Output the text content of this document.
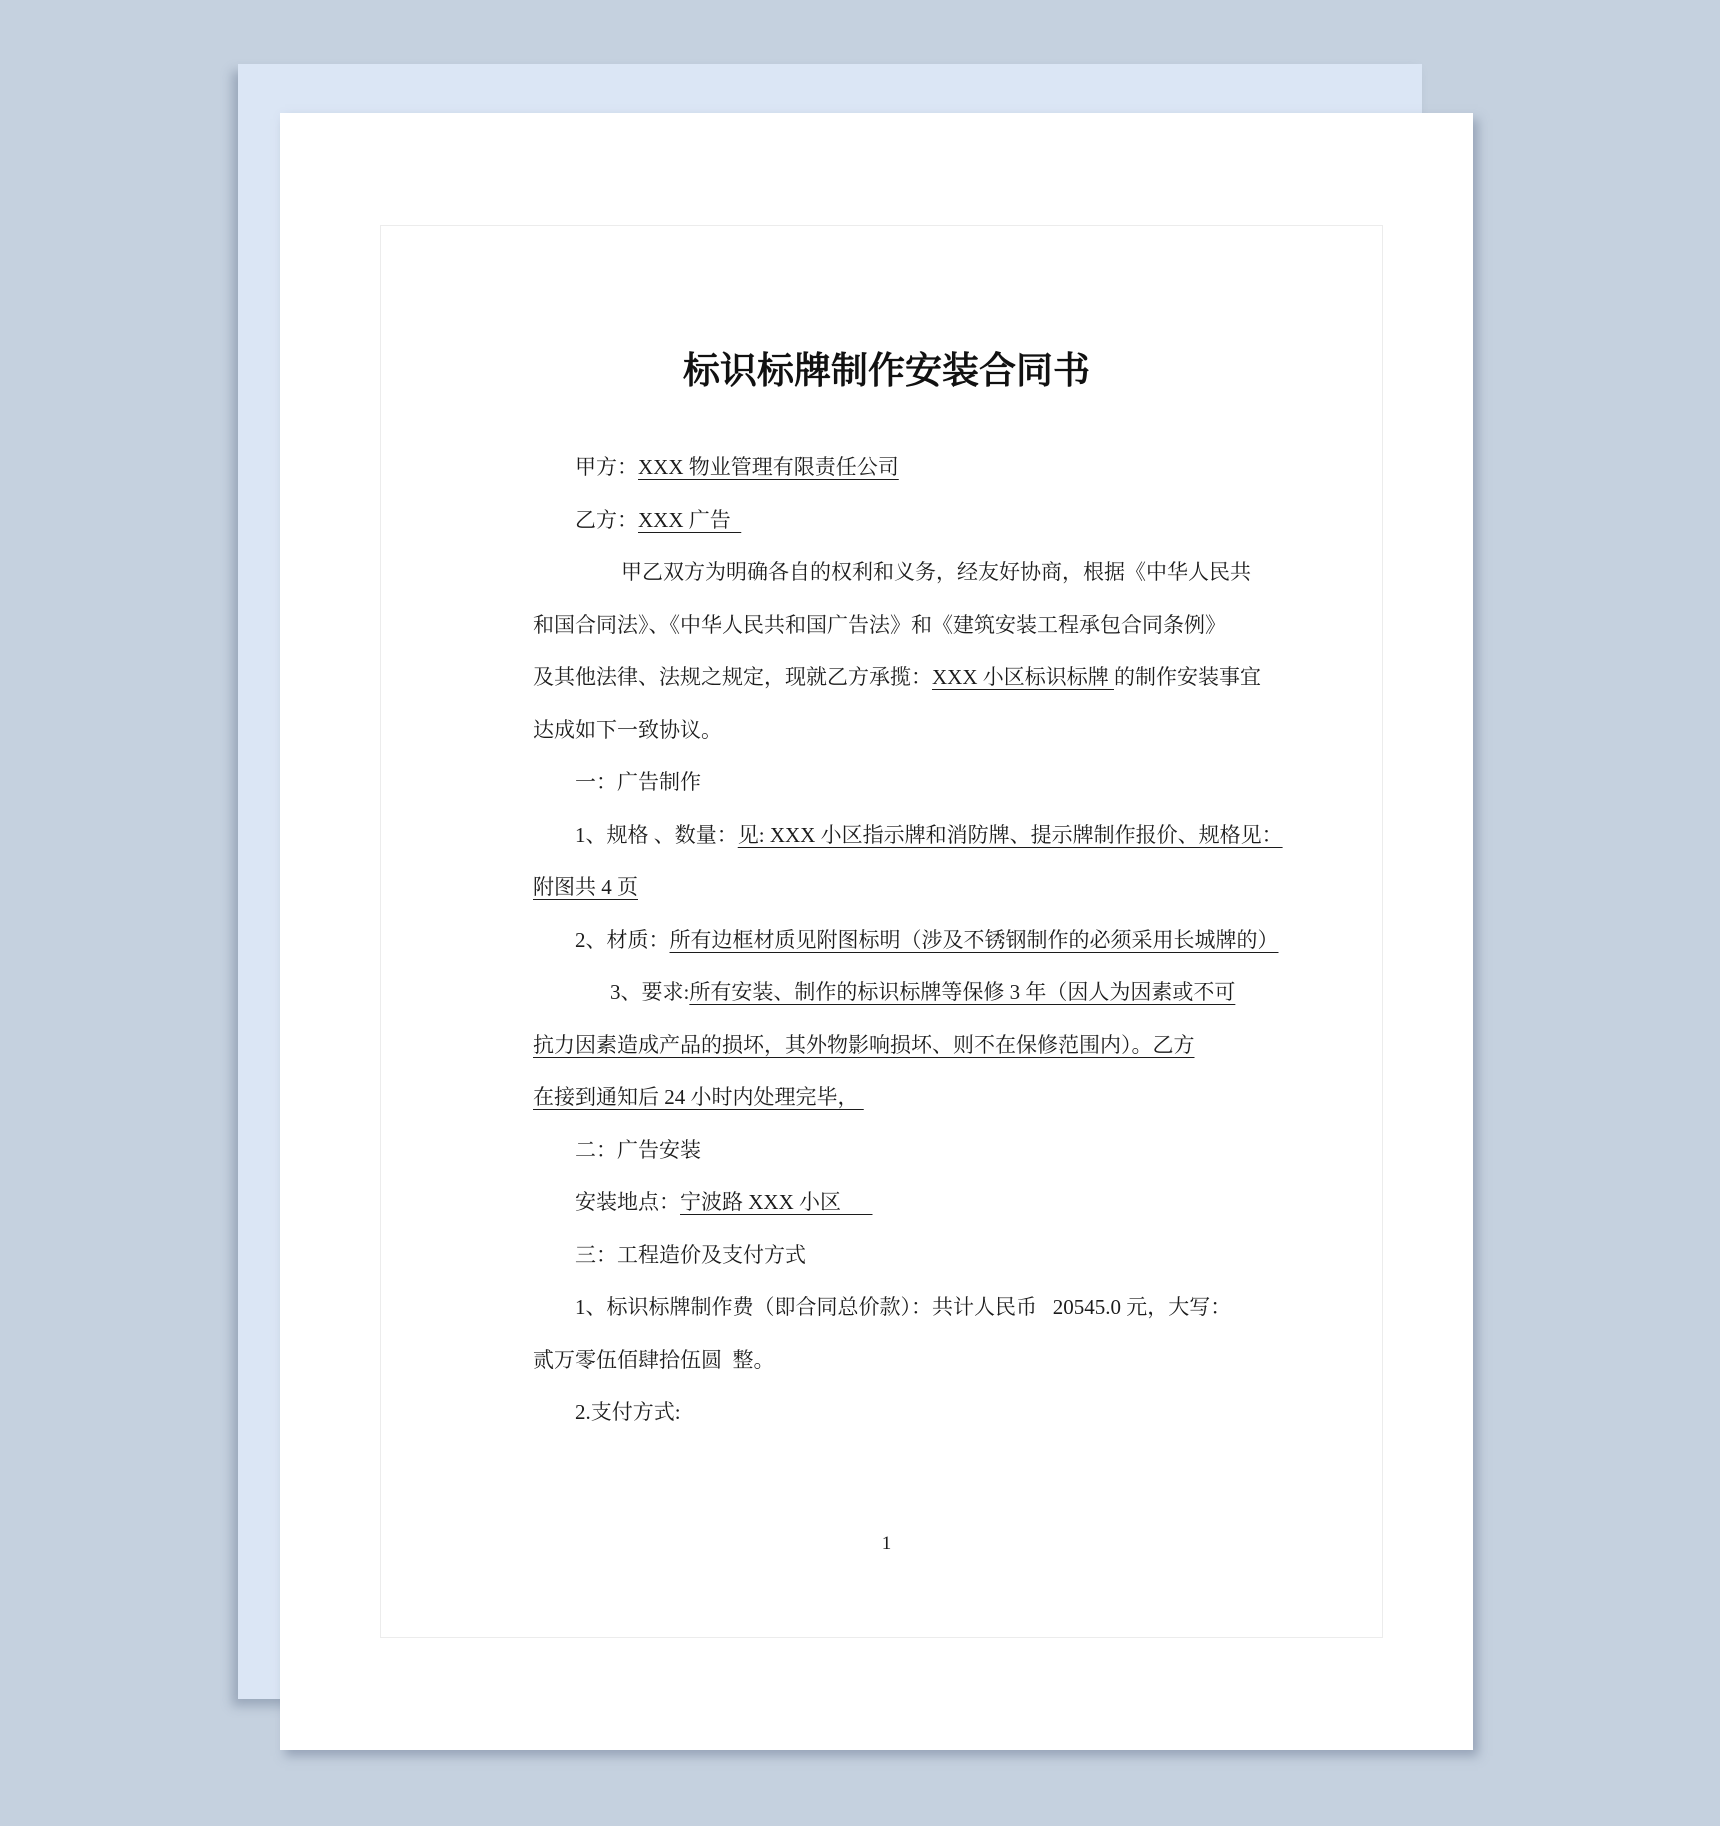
标识标牌制作安装合同书
甲方：XXX 物业管理有限责任公司
乙方：XXX 广告
甲乙双方为明确各自的权利和义务，经友好协商，根据《中华人民共
和国合同法》、《中华人民共和国广告法》和《建筑安装工程承包合同条例》
及其他法律、法规之规定，现就乙方承揽：XXX 小区标识标牌 的制作安装事宜
达成如下一致协议。
一：广告制作
1、规格 、数量：见: XXX 小区指示牌和消防牌、提示牌制作报价、规格见：
附图共 4 页
2、材质：所有边框材质见附图标明（涉及不锈钢制作的必须采用长城牌的）
3、要求:所有安装、制作的标识标牌等保修 3 年（因人为因素或不可
抗力因素造成产品的损坏，其外物影响损坏、则不在保修范围内）。乙方
在接到通知后 24 小时内处理完毕，
二：广告安装
安装地点：宁波路 XXX 小区
三：工程造价及支付方式
1、标识标牌制作费（即合同总价款）：共计人民币   20545.0 元，大写：
贰万零伍佰肆拾伍圆  整。
2.支付方式:
1
